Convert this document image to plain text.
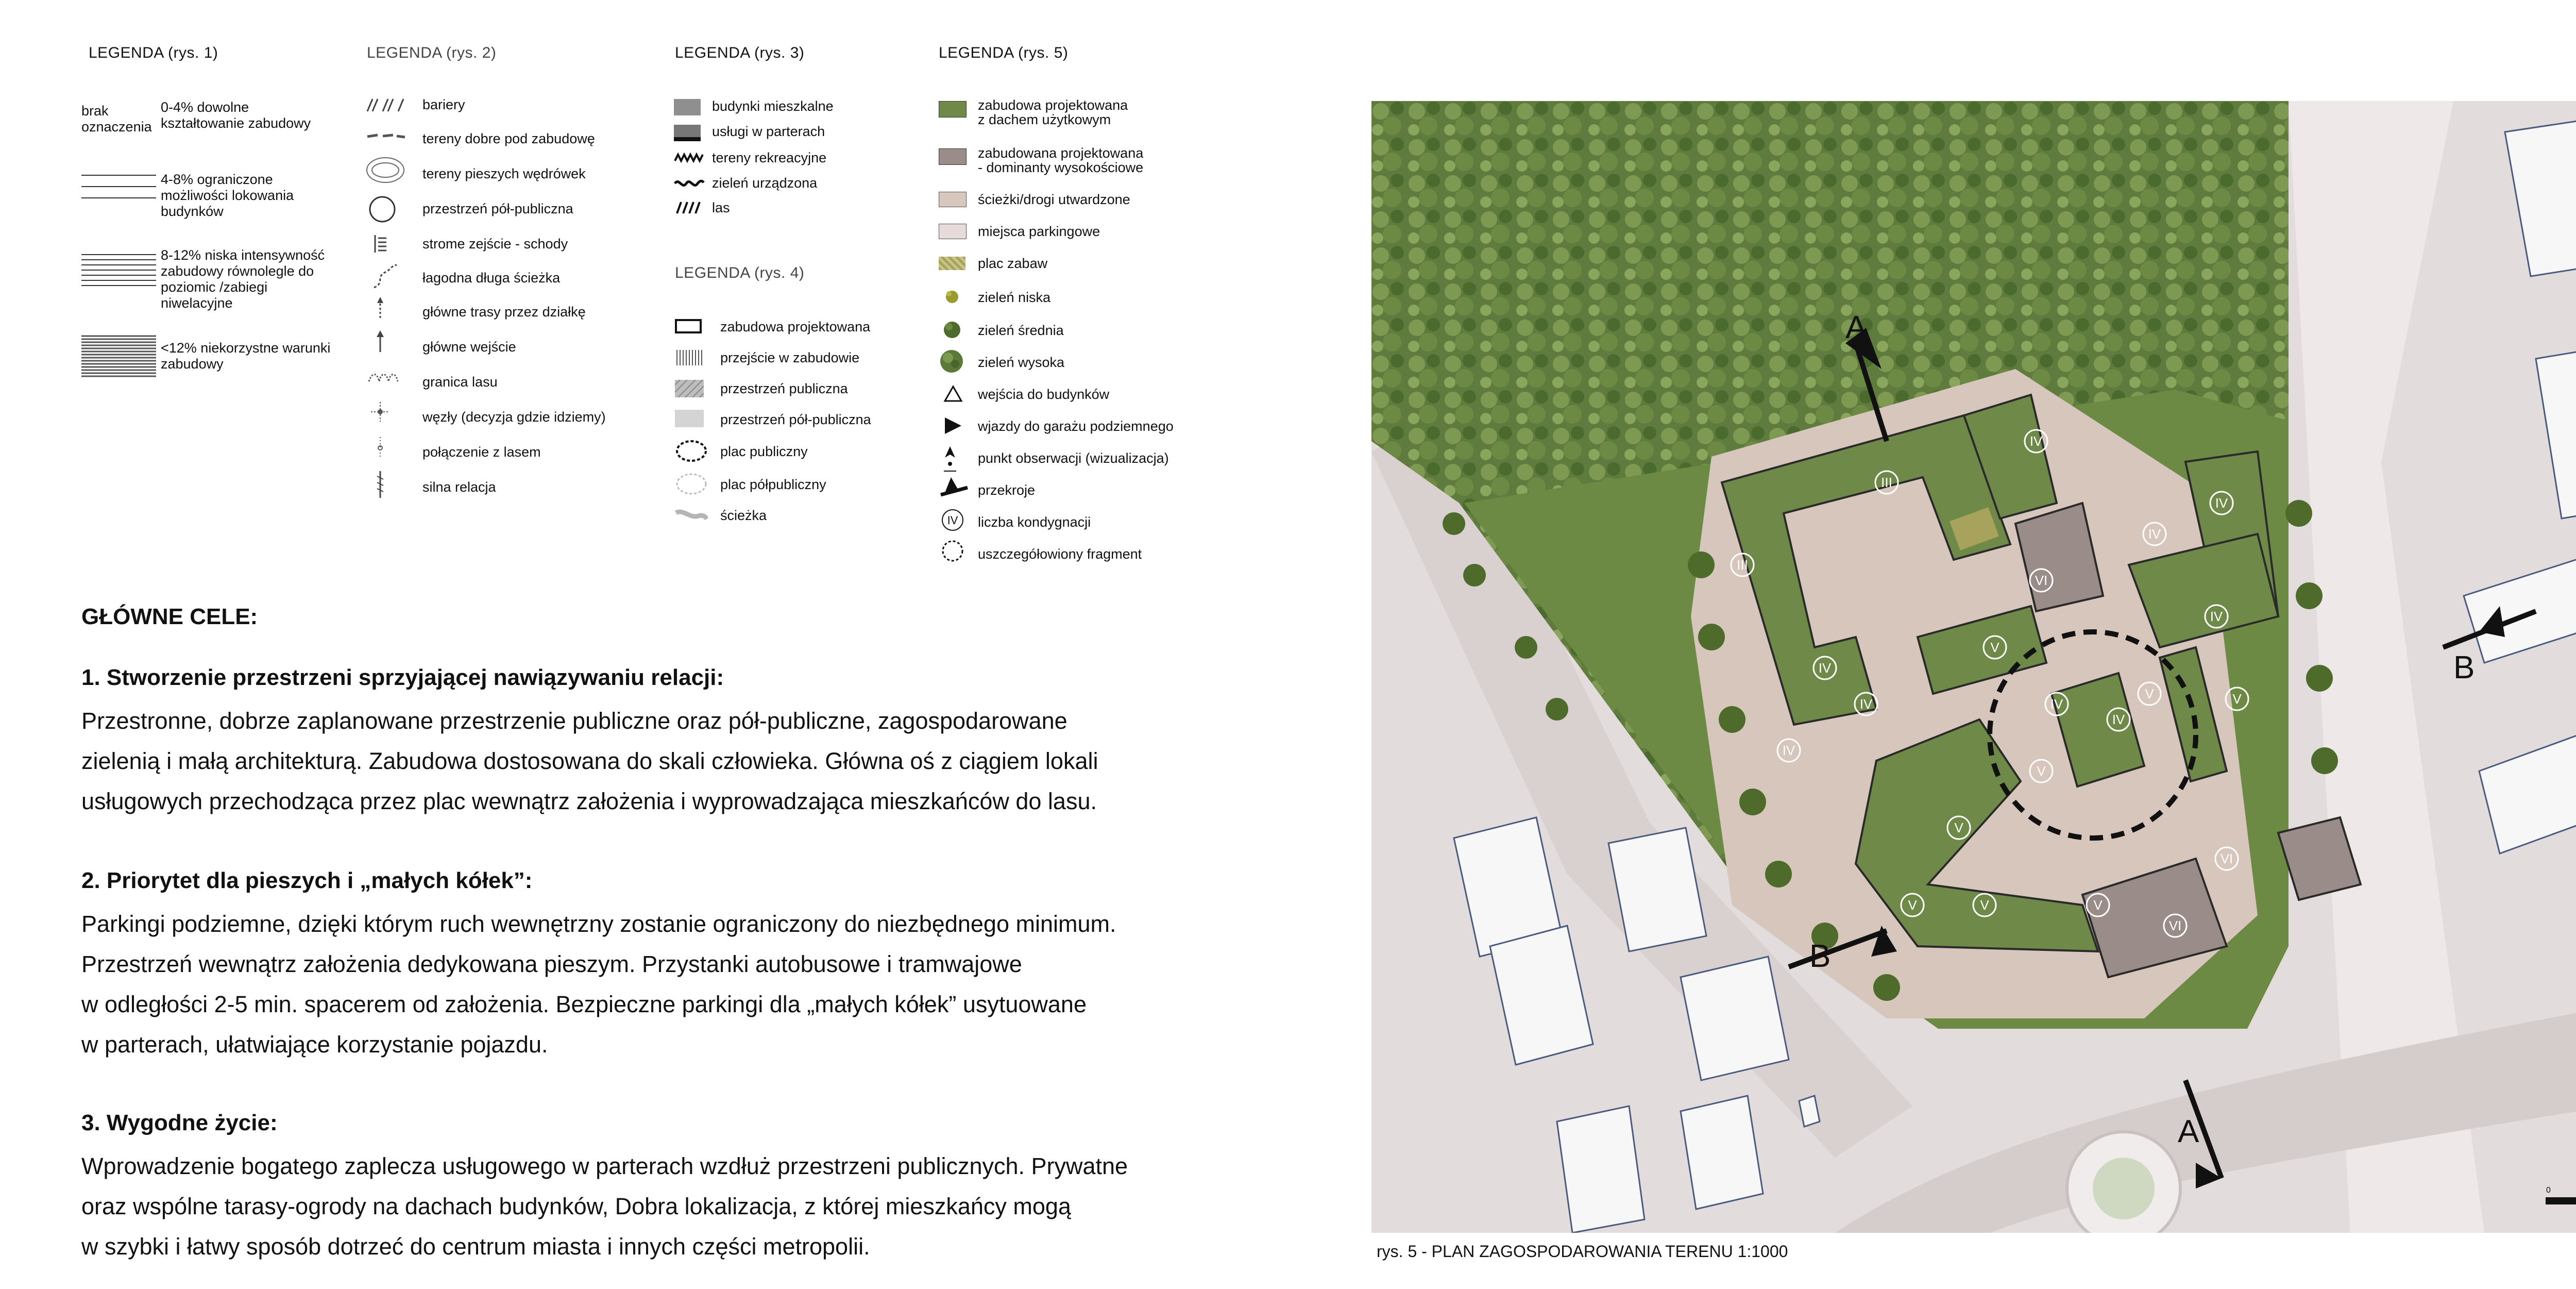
LEGENDA (rys. 1)
brak
oznaczenia
0-4% dowolne kształtowanie zabudowy
4-8% ograniczone możliwości lokowania budynków
8-12% niska intensywność zabudowy równolegle do poziomic /zabiegi niwelacyjne
<12% niekorzystne warunki zabudowy
LEGENDA (rys. 2)
bariery
tereny dobre pod zabudowę
tereny pieszych wędrówek
przestrzeń pół-publiczna
strome zejście - schody
łagodna długa ścieżka
główne trasy przez działkę
główne wejście
granica lasu
węzły (decyzja gdzie idziemy)
połączenie z lasem
silna relacja
LEGENDA (rys. 3)
budynki mieszkalne
usługi w parterach
tereny rekreacyjne
zieleń urządzona
las
LEGENDA (rys. 4)
zabudowa projektowana
przejście w zabudowie
przestrzeń publiczna
przestrzeń pół-publiczna
plac publiczny
plac półpubliczny
ścieżka
LEGENDA (rys. 5)
zabudowa projektowana
z dachem użytkowym
zabudowana projektowana
- dominanty wysokościowe
ścieżki/drogi utwardzone
miejsca parkingowe
plac zabaw
zieleń niska
zieleń średnia
zieleń wysoka
wejścia do budynków
wjazdy do garażu podziemnego
punkt obserwacji (wizualizacja)
przekroje
IV liczba kondygnacji
uszczegółowiony fragment
GŁÓWNE CELE:
1. Stworzenie przestrzeni sprzyjającej nawiązywaniu relacji:

Przestronne, dobrze zaplanowane przestrzenie publiczne oraz pół-publiczne, zagospodarowane

zielenią i małą architekturą. Zabudowa dostosowana do skali człowieka. Główna oś z ciągiem lokali

usługowych przechodząca przez plac wewnątrz założenia i wyprowadzająca mieszkańców do lasu.

2. Priorytet dla pieszych i „małych kółek”:

Parkingi podziemne, dzięki którym ruch wewnętrzny zostanie ograniczony do niezbędnego minimum.

Przestrzeń wewnątrz założenia dedykowana pieszym. Przystanki autobusowe i tramwajowe

w odległości 2-5 min. spacerem od założenia. Bezpieczne parkingi dla „małych kółek” usytuowane

w parterach, ułatwiające korzystanie pojazdu.

3. Wygodne życie:

Wprowadzenie bogatego zaplecza usługowego w parterach wzdłuż przestrzeni publicznych. Prywatne

oraz wspólne tarasy-ogrody na dachach budynków, Dobra lokalizacja, z której mieszkańcy mogą

w szybki i łatwy sposób dotrzeć do centrum miasta i innych części metropolii.

A
A
B
B
0
IV
III
III
IV
IV
IV
VI
IV
V
IV
VI
V
IV
V
V
V
VI
IV
V
IV
V	V
rys. 5 - PLAN ZAGOSPODAROWANIA TERENU 1:1000
